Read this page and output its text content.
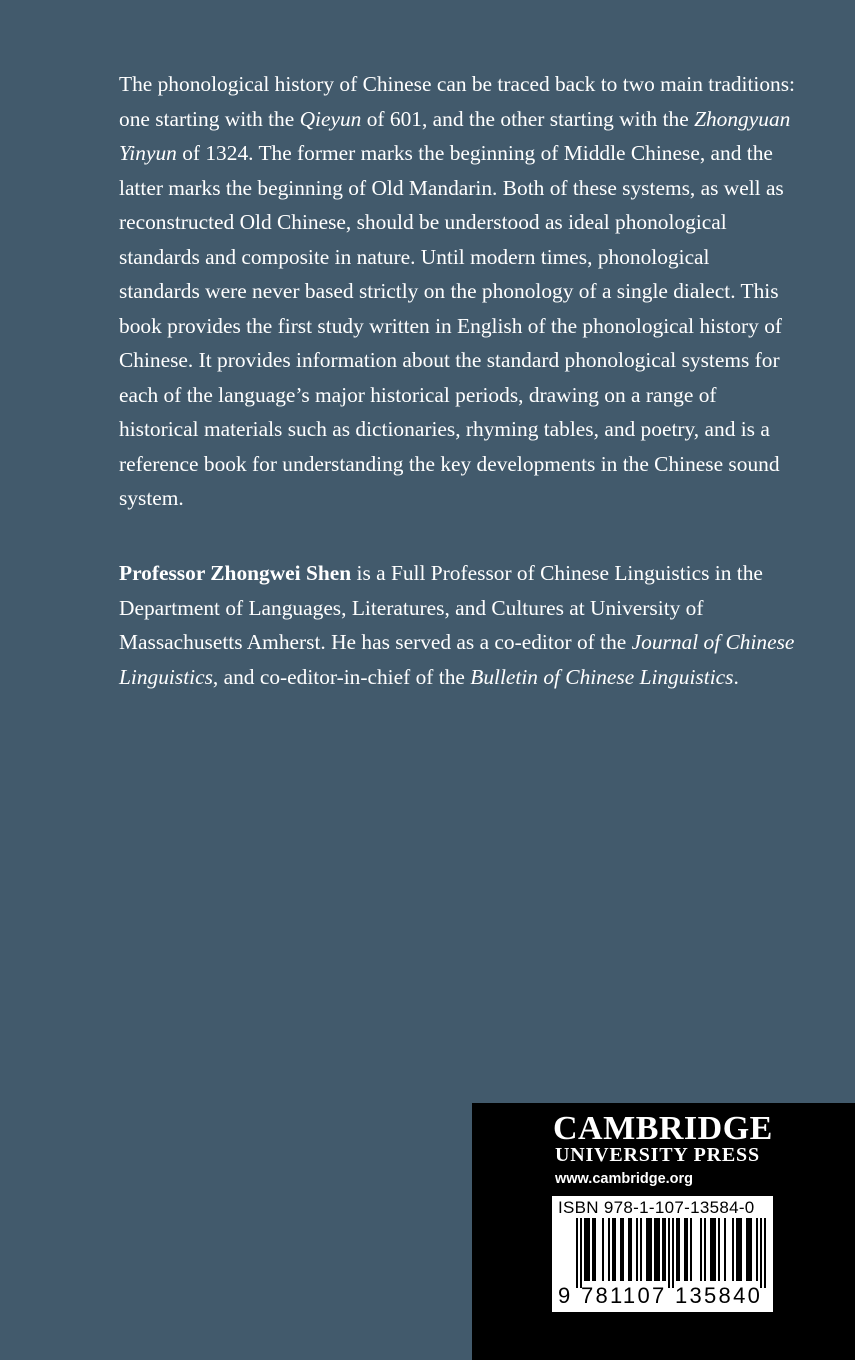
The phonological history of Chinese can be traced back to two main traditions: one starting with the Qieyun of 601, and the other starting with the Zhongyuan Yinyun of 1324. The former marks the beginning of Middle Chinese, and the latter marks the beginning of Old Mandarin. Both of these systems, as well as reconstructed Old Chinese, should be understood as ideal phonological standards and composite in nature. Until modern times, phonological standards were never based strictly on the phonology of a single dialect. This book provides the first study written in English of the phonological history of Chinese. It provides information about the standard phonological systems for each of the language’s major historical periods, drawing on a range of historical materials such as dictionaries, rhyming tables, and poetry, and is a reference book for understanding the key developments in the Chinese sound system.

Professor Zhongwei Shen is a Full Professor of Chinese Linguistics in the Department of Languages, Literatures, and Cultures at University of Massachusetts Amherst. He has served as a co-editor of the Journal of Chinese Linguistics, and co-editor-in-chief of the Bulletin of Chinese Linguistics.

CAMBRIDGE

UNIVERSITY PRESS

www.cambridge.org

ISBN 978-1-107-13584-0

9 781107 135840 >
